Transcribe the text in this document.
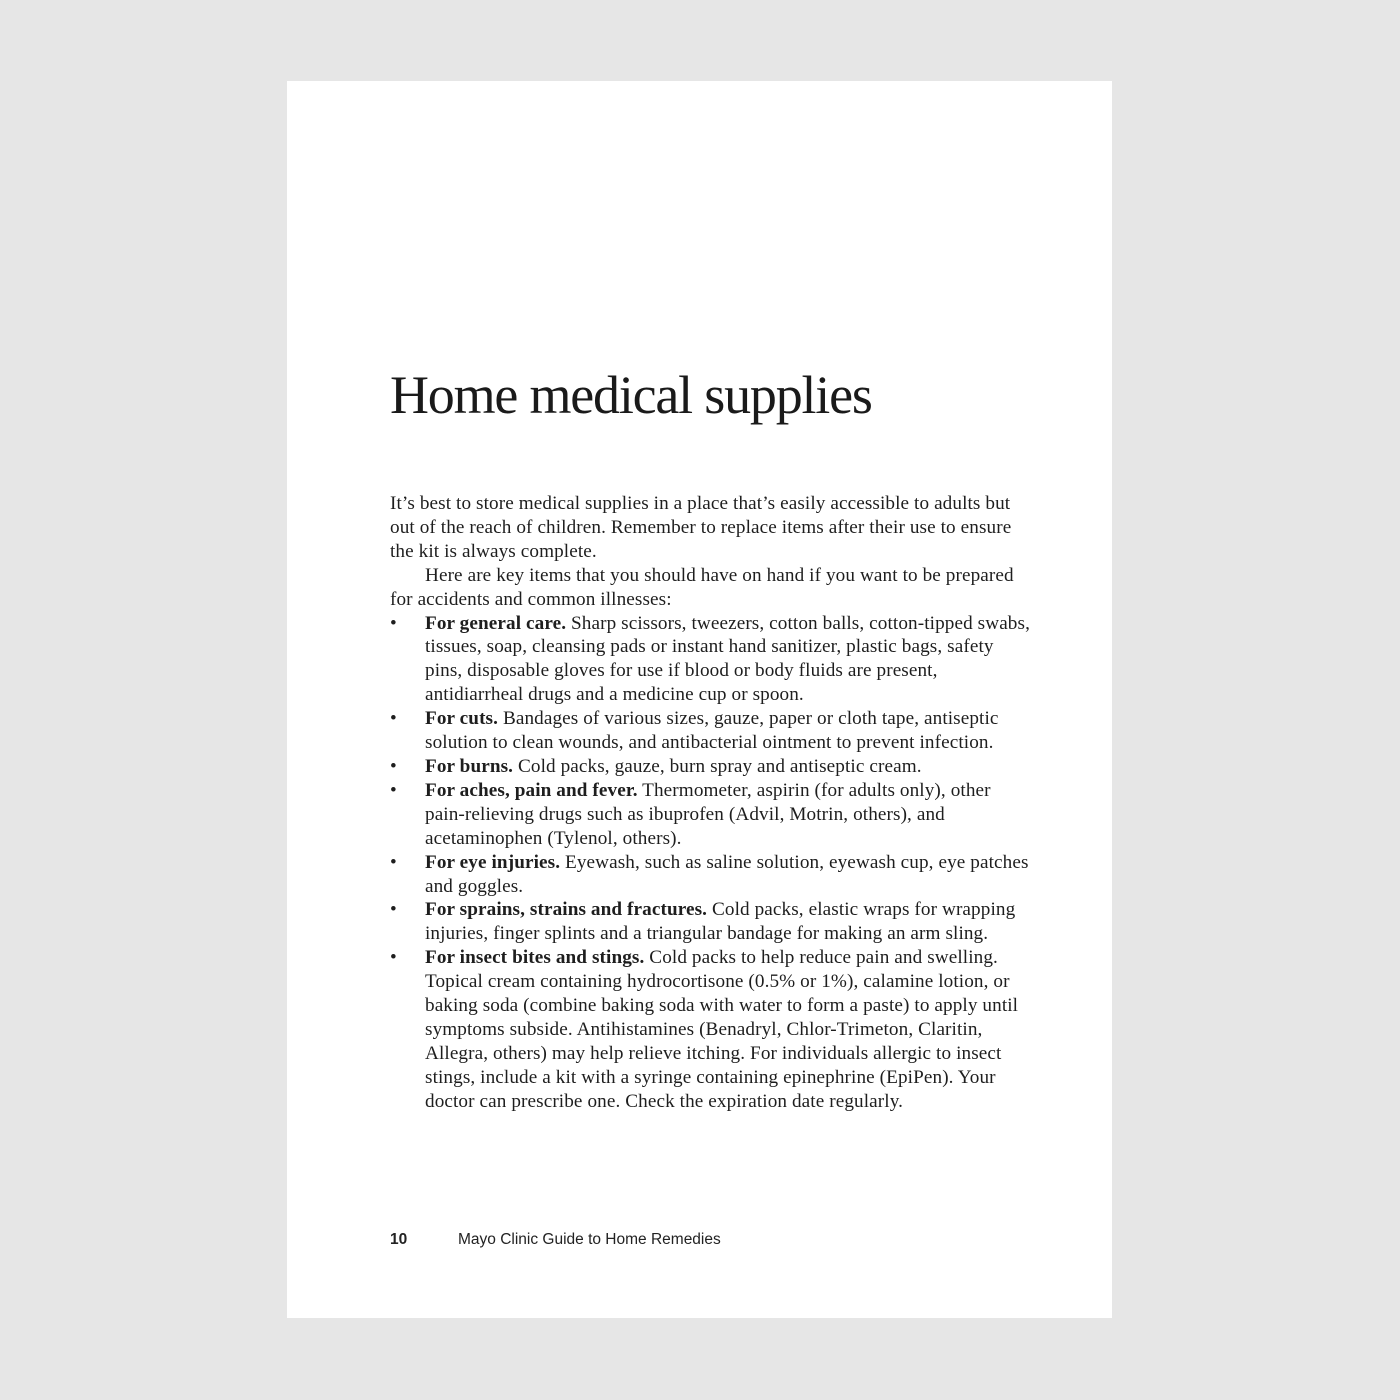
Home medical supplies

It’s best to store medical supplies in a place that’s easily accessible to adults but out of the reach of children. Remember to replace items after their use to ensure the kit is always complete.

Here are key items that you should have on hand if you want to be prepared for accidents and common illnesses:

• For general care. Sharp scissors, tweezers, cotton balls, cotton-tipped swabs, tissues, soap, cleansing pads or instant hand sanitizer, plastic bags, safety pins, disposable gloves for use if blood or body fluids are present, antidiarrheal drugs and a medicine cup or spoon.
• For cuts. Bandages of various sizes, gauze, paper or cloth tape, antiseptic solution to clean wounds, and antibacterial ointment to prevent infection.
• For burns. Cold packs, gauze, burn spray and antiseptic cream.
• For aches, pain and fever. Thermometer, aspirin (for adults only), other pain-relieving drugs such as ibuprofen (Advil, Motrin, others), and acetaminophen (Tylenol, others).
• For eye injuries. Eyewash, such as saline solution, eyewash cup, eye patches and goggles.
• For sprains, strains and fractures. Cold packs, elastic wraps for wrapping injuries, finger splints and a triangular bandage for making an arm sling.
• For insect bites and stings. Cold packs to help reduce pain and swelling. Topical cream containing hydrocortisone (0.5% or 1%), calamine lotion, or baking soda (combine baking soda with water to form a paste) to apply until symptoms subside. Antihistamines (Benadryl, Chlor-Trimeton, Claritin, Allegra, others) may help relieve itching. For individuals allergic to insect stings, include a kit with a syringe containing epinephrine (EpiPen). Your doctor can prescribe one. Check the expiration date regularly.
10	Mayo Clinic Guide to Home Remedies
